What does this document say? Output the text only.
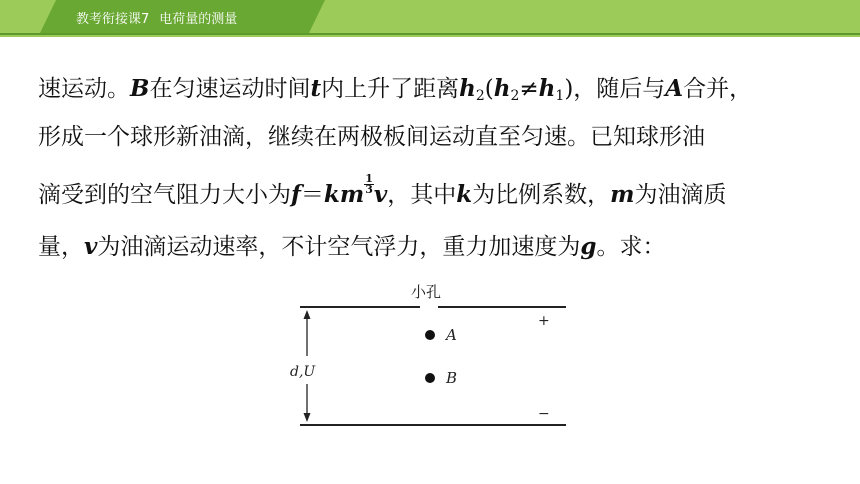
教考衔接课7 电荷量的测量
速运动。B在匀速运动时间t内上升了距离$h_2(h_2\ne h_1)$，随后与A合并，
形成一个球形新油滴，继续在两极板间运动直至匀速。已知球形油
滴受到的空气阻力大小为$f=km \frac{1}{3}$ v，其中k为比例系数，m为油滴质
量，v为油滴运动速率，不计空气浮力，重力加速度为g。求：
d,U
小孔
+
−
A
B
